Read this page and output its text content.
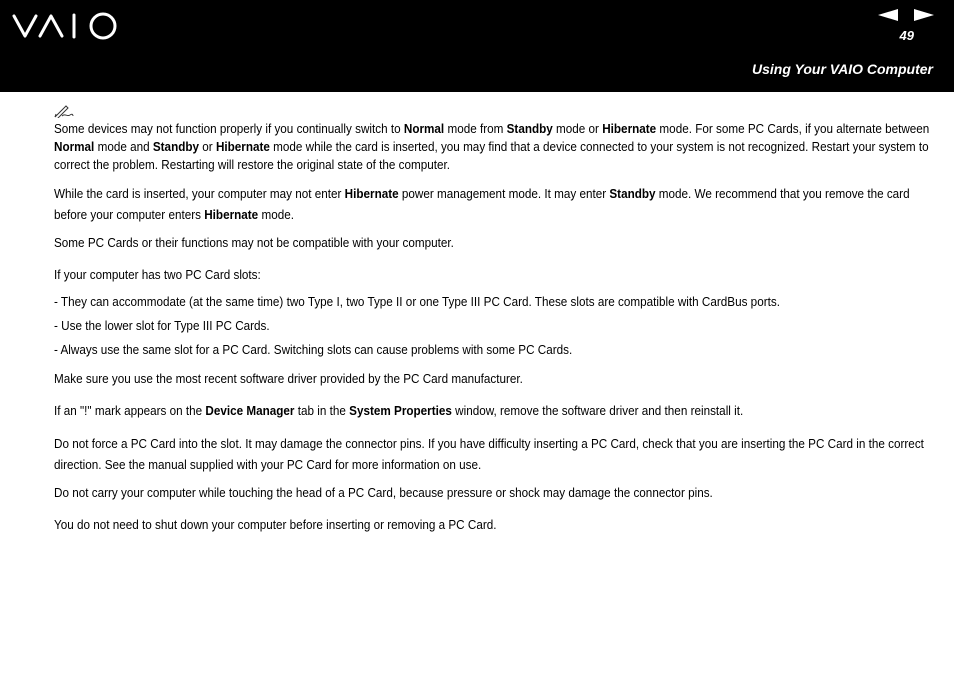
49
Using Your VAIO Computer

Some devices may not function properly if you continually switch to Normal mode from Standby mode or Hibernate mode. For some PC Cards, if you alternate between Normal mode and Standby or Hibernate mode while the card is inserted, you may find that a device connected to your system is not recognized. Restart your system to correct the problem. Restarting will restore the original state of the computer.

While the card is inserted, your computer may not enter Hibernate power management mode. It may enter Standby mode. We recommend that you remove the card before your computer enters Hibernate mode.

Some PC Cards or their functions may not be compatible with your computer.

If your computer has two PC Card slots:

- They can accommodate (at the same time) two Type I, two Type II or one Type III PC Card. These slots are compatible with CardBus ports.

- Use the lower slot for Type III PC Cards.

- Always use the same slot for a PC Card. Switching slots can cause problems with some PC Cards.

Make sure you use the most recent software driver provided by the PC Card manufacturer.

If an "!" mark appears on the Device Manager tab in the System Properties window, remove the software driver and then reinstall it.

Do not force a PC Card into the slot. It may damage the connector pins. If you have difficulty inserting a PC Card, check that you are inserting the PC Card in the correct direction. See the manual supplied with your PC Card for more information on use.

Do not carry your computer while touching the head of a PC Card, because pressure or shock may damage the connector pins.

You do not need to shut down your computer before inserting or removing a PC Card.
